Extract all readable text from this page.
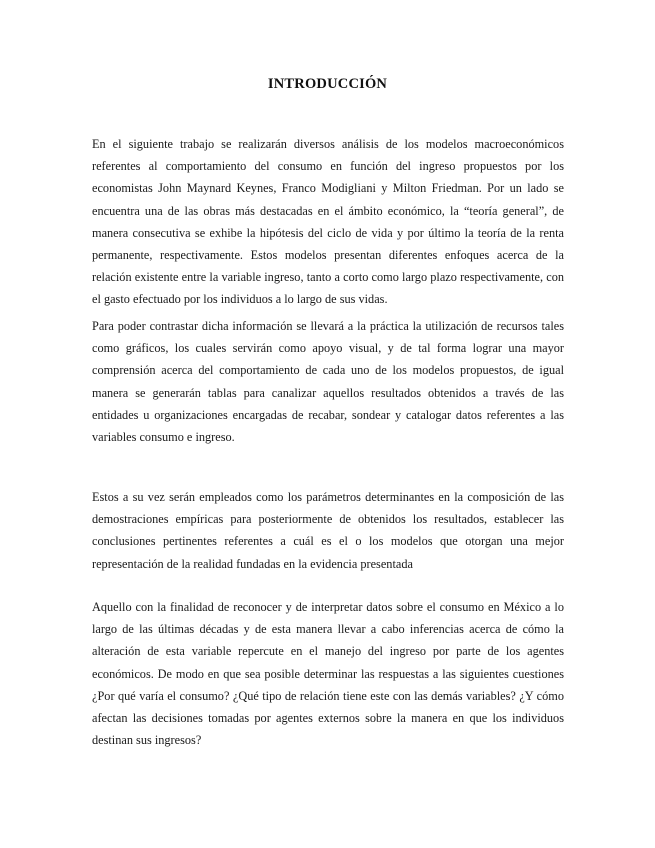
INTRODUCCIÓN

En el siguiente trabajo se realizarán diversos análisis de los modelos macroeconómicos referentes al comportamiento del consumo en función del ingreso propuestos por los economistas John Maynard Keynes, Franco Modigliani y Milton Friedman. Por un lado se encuentra una de las obras más destacadas en el ámbito económico, la “teoría general”, de manera consecutiva se exhibe la hipótesis del ciclo de vida y por último la teoría de la renta permanente, respectivamente. Estos modelos presentan diferentes enfoques acerca de la relación existente entre la variable ingreso, tanto a corto como largo plazo respectivamente, con el gasto efectuado por los individuos a lo largo de sus vidas.

Para poder contrastar dicha información se llevará a la práctica la utilización de recursos tales como gráficos, los cuales servirán como apoyo visual, y de tal forma lograr una mayor comprensión acerca del comportamiento de cada uno de los modelos propuestos, de igual manera se generarán tablas para canalizar aquellos resultados obtenidos a través de las entidades u organizaciones encargadas de recabar, sondear y catalogar datos referentes a las variables consumo e ingreso.

Estos a su vez serán empleados como los parámetros determinantes en la composición de las demostraciones empíricas para posteriormente de obtenidos los resultados, establecer las conclusiones pertinentes referentes a cuál es el o los modelos que otorgan una mejor representación de la realidad fundadas en la evidencia presentada

Aquello con la finalidad de reconocer y de interpretar datos sobre el consumo en México a lo largo de las últimas décadas y de esta manera llevar a cabo inferencias acerca de cómo la alteración de esta variable repercute en el manejo del ingreso por parte de los agentes económicos. De modo en que sea posible determinar las respuestas a las siguientes cuestiones ¿Por qué varía el consumo? ¿Qué tipo de relación tiene este con las demás variables? ¿Y cómo afectan las decisiones tomadas por agentes externos sobre la manera en que los individuos destinan sus ingresos?
